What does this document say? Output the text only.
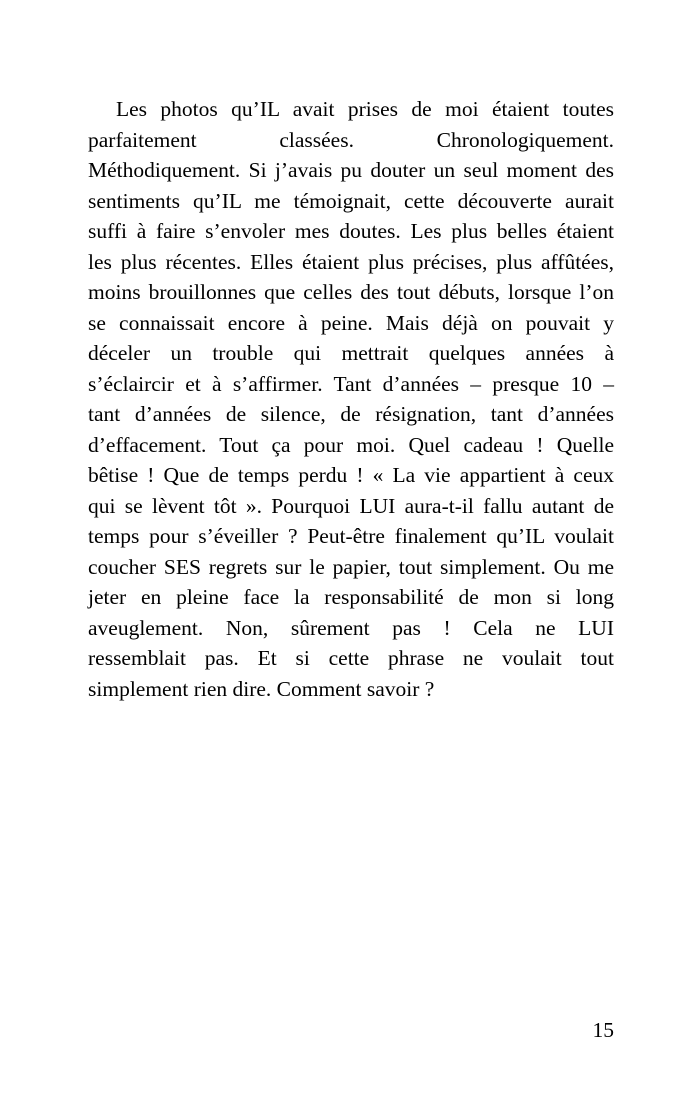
Les photos qu’IL avait prises de moi étaient toutes
parfaitement classées. Chronologiquement.
Méthodiquement. Si j’avais pu douter un seul moment des
sentiments qu’IL me témoignait, cette découverte aurait
suffi à faire s’envoler mes doutes. Les plus belles étaient
les plus récentes. Elles étaient plus précises, plus affûtées,
moins brouillonnes que celles des tout débuts, lorsque l’on
se connaissait encore à peine. Mais déjà on pouvait y
déceler un trouble qui mettrait quelques années à
s’éclaircir et à s’affirmer. Tant d’années – presque 10 –
tant d’années de silence, de résignation, tant d’années
d’effacement. Tout ça pour moi. Quel cadeau ! Quelle
bêtise ! Que de temps perdu ! « La vie appartient à ceux
qui se lèvent tôt ». Pourquoi LUI aura-t-il fallu autant de
temps pour s’éveiller ? Peut-être finalement qu’IL voulait
coucher SES regrets sur le papier, tout simplement. Ou me
jeter en pleine face la responsabilité de mon si long
aveuglement. Non, sûrement pas ! Cela ne LUI
ressemblait pas. Et si cette phrase ne voulait tout
simplement rien dire. Comment savoir ?
15
